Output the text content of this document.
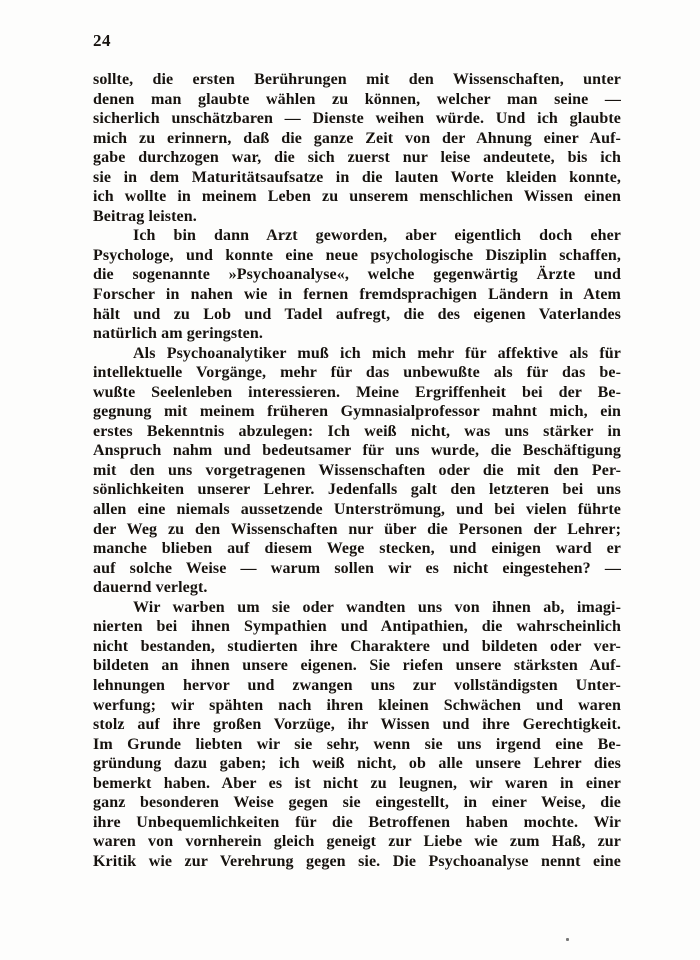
24
sollte, die ersten Berührungen mit den Wissenschaften, unter
denen man glaubte wählen zu können, welcher man seine —
sicherlich unschätzbaren — Dienste weihen würde. Und ich glaubte
mich zu erinnern, daß die ganze Zeit von der Ahnung einer Auf-
gabe durchzogen war, die sich zuerst nur leise andeutete, bis ich
sie in dem Maturitätsaufsatze in die lauten Worte kleiden konnte,
ich wollte in meinem Leben zu unserem menschlichen Wissen einen
Beitrag leisten.
Ich bin dann Arzt geworden, aber eigentlich doch eher
Psychologe, und konnte eine neue psychologische Disziplin schaffen,
die sogenannte »Psychoanalyse«, welche gegenwärtig Ärzte und
Forscher in nahen wie in fernen fremdsprachigen Ländern in Atem
hält und zu Lob und Tadel aufregt, die des eigenen Vaterlandes
natürlich am geringsten.
Als Psychoanalytiker muß ich mich mehr für affektive als für
intellektuelle Vorgänge, mehr für das unbewußte als für das be-
wußte Seelenleben interessieren. Meine Ergriffenheit bei der Be-
gegnung mit meinem früheren Gymnasialprofessor mahnt mich, ein
erstes Bekenntnis abzulegen: Ich weiß nicht, was uns stärker in
Anspruch nahm und bedeutsamer für uns wurde, die Beschäftigung
mit den uns vorgetragenen Wissenschaften oder die mit den Per-
sönlichkeiten unserer Lehrer. Jedenfalls galt den letzteren bei uns
allen eine niemals aussetzende Unterströmung, und bei vielen führte
der Weg zu den Wissenschaften nur über die Personen der Lehrer;
manche blieben auf diesem Wege stecken, und einigen ward er
auf solche Weise — warum sollen wir es nicht eingestehen? —
dauernd verlegt.
Wir warben um sie oder wandten uns von ihnen ab, imagi-
nierten bei ihnen Sympathien und Antipathien, die wahrscheinlich
nicht bestanden, studierten ihre Charaktere und bildeten oder ver-
bildeten an ihnen unsere eigenen. Sie riefen unsere stärksten Auf-
lehnungen hervor und zwangen uns zur vollständigsten Unter-
werfung; wir spähten nach ihren kleinen Schwächen und waren
stolz auf ihre großen Vorzüge, ihr Wissen und ihre Gerechtigkeit.
Im Grunde liebten wir sie sehr, wenn sie uns irgend eine Be-
gründung dazu gaben; ich weiß nicht, ob alle unsere Lehrer dies
bemerkt haben. Aber es ist nicht zu leugnen, wir waren in einer
ganz besonderen Weise gegen sie eingestellt, in einer Weise, die
ihre Unbequemlichkeiten für die Betroffenen haben mochte. Wir
waren von vornherein gleich geneigt zur Liebe wie zum Haß, zur
Kritik wie zur Verehrung gegen sie. Die Psychoanalyse nennt eine
